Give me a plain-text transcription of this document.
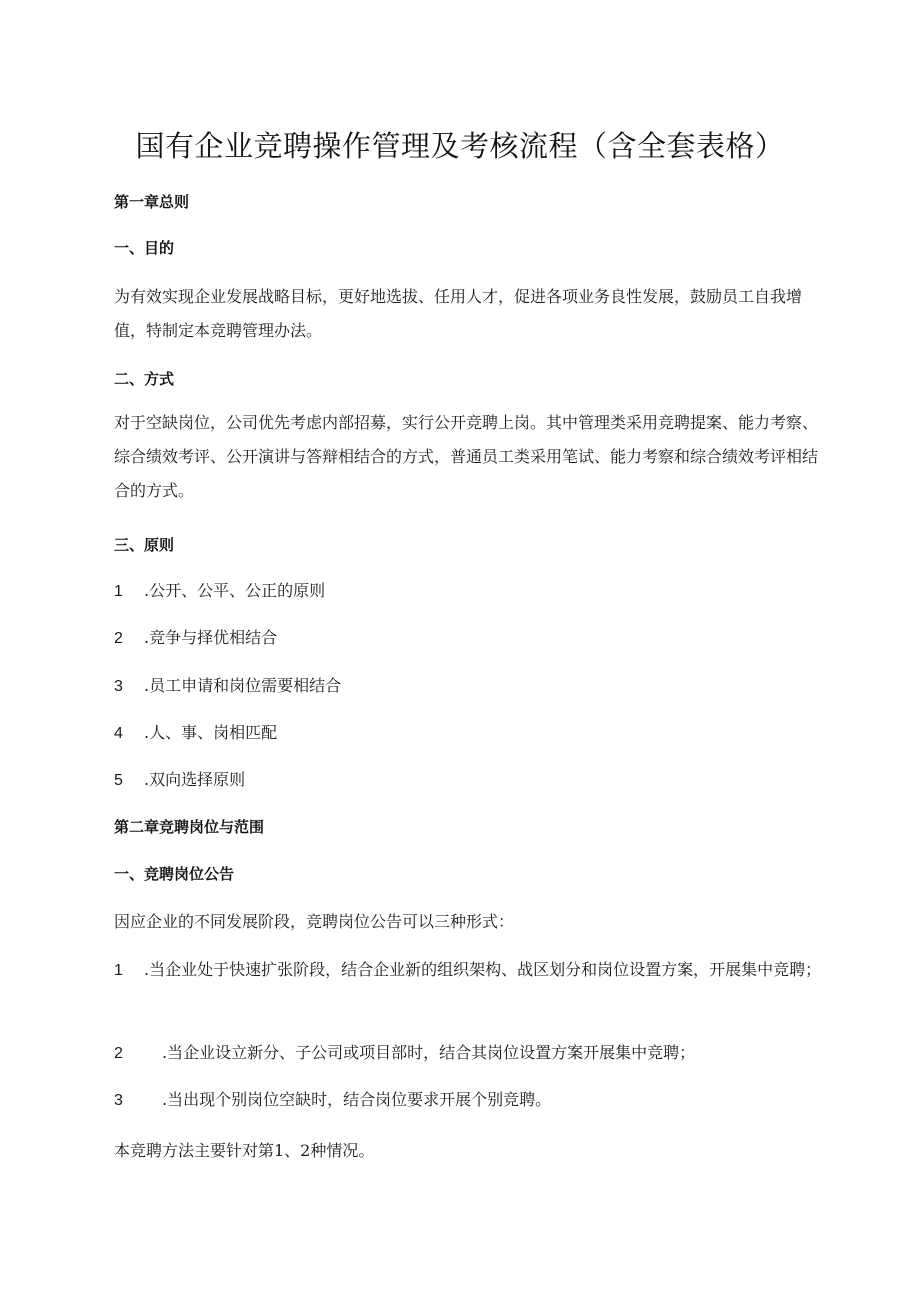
国有企业竞聘操作管理及考核流程（含全套表格）
第一章总则
一、目的
为有效实现企业发展战略目标，更好地选拔、任用人才，促进各项业务良性发展，鼓励员工自我增值，特制定本竞聘管理办法。
二、方式
对于空缺岗位，公司优先考虑内部招募，实行公开竞聘上岗。其中管理类采用竞聘提案、能力考察、综合绩效考评、公开演讲与答辩相结合的方式，普通员工类采用笔试、能力考察和综合绩效考评相结合的方式。
三、原则
1 .公开、公平、公正的原则
2 .竞争与择优相结合
3 .员工申请和岗位需要相结合
4 .人、事、岗相匹配
5 .双向选择原则
第二章竞聘岗位与范围
一、竞聘岗位公告
因应企业的不同发展阶段，竞聘岗位公告可以三种形式：
1 .当企业处于快速扩张阶段，结合企业新的组织架构、战区划分和岗位设置方案，开展集中竞聘；
2 .当企业设立新分、子公司或项目部时，结合其岗位设置方案开展集中竞聘；
3 .当出现个别岗位空缺时，结合岗位要求开展个别竞聘。
本竞聘方法主要针对第1、2种情况。
